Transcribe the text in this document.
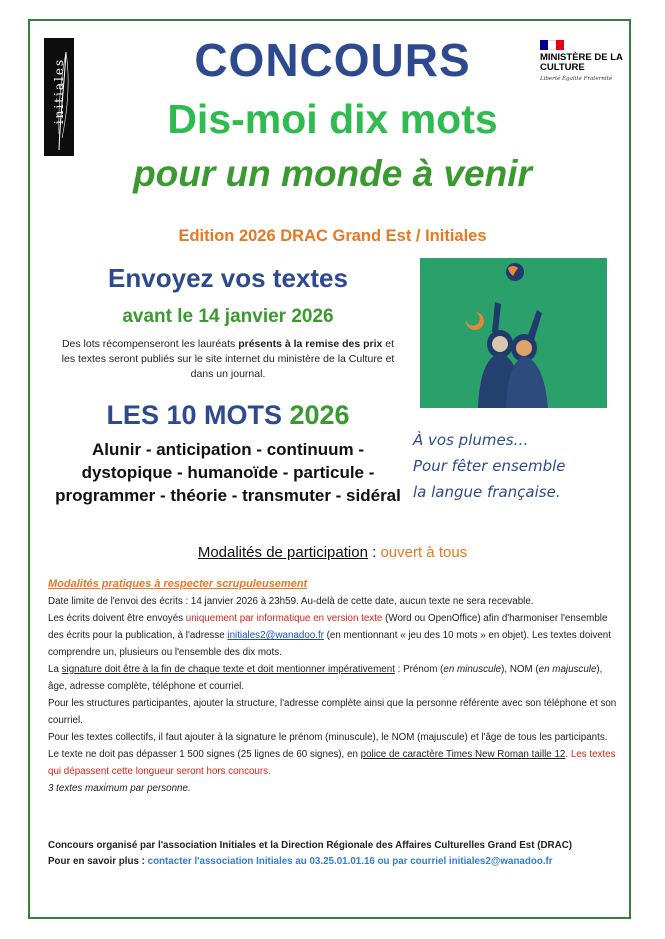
initiales
MINISTÈRE DE LA CULTURE
Liberté Égalité Fraternité
CONCOURS
Dis-moi dix mots
pour un monde à venir
Edition 2026 DRAC Grand Est / Initiales
Envoyez vos textes
avant le 14 janvier 2026
Des lots récompenseront les lauréats présents à la remise des prix et les textes seront publiés sur le site internet du ministère de la Culture et dans un journal.
LES 10 MOTS 2026
Alunir - anticipation - continuum - dystopique - humanoïde - particule - programmer - théorie - transmuter - sidéral
À vos plumes…
Pour fêter ensemble
la langue française.
Modalités de participation : ouvert à tous

Modalités pratiques à respecter scrupuleusement

Date limite de l'envoi des écrits : 14 janvier 2026 à 23h59. Au-delà de cette date, aucun texte ne sera recevable.

Les écrits doivent être envoyés uniquement par informatique en version texte (Word ou OpenOffice) afin d'harmoniser l'ensemble des écrits pour la publication, à l'adresse initiales2@wanadoo.fr (en mentionnant « jeu des 10 mots » en objet). Les textes doivent comprendre un, plusieurs ou l'ensemble des dix mots.

La signature doit être à la fin de chaque texte et doit mentionner impérativement : Prénom (en minuscule), NOM (en majuscule), âge, adresse complète, téléphone et courriel.

Pour les structures participantes, ajouter la structure, l'adresse complète ainsi que la personne référente avec son téléphone et son courriel.

Pour les textes collectifs, il faut ajouter à la signature le prénom (minuscule), le NOM (majuscule) et l'âge de tous les participants.

Le texte ne doit pas dépasser 1 500 signes (25 lignes de 60 signes), en police de caractère Times New Roman taille 12. Les textes qui dépassent cette longueur seront hors concours.

3 textes maximum par personne.

Concours organisé par l'association Initiales et la Direction Régionale des Affaires Culturelles Grand Est (DRAC)
Pour en savoir plus : contacter l'association Initiales au 03.25.01.01.16 ou par courriel initiales2@wanadoo.fr
